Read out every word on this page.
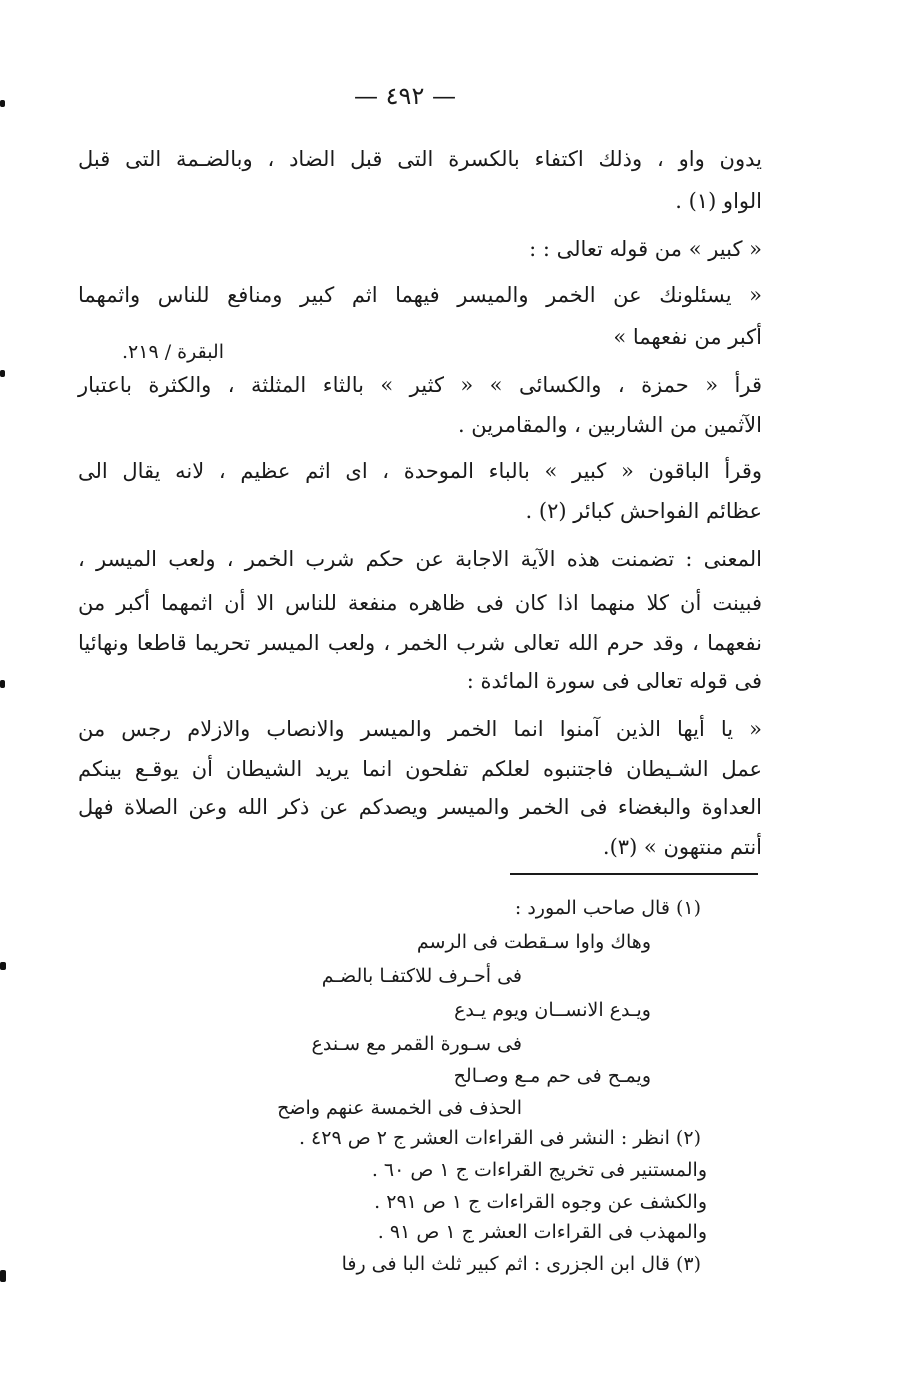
— ٤٩٢ —
يدون واو ، وذلك اكتفاء بالكسرة التى قبل الضاد ، وبالضـمة التى قبل
الواو (١) .
« كبير » من قوله تعالى : :
« يسئلونك عن الخمر والميسر فيهما اثم كبير ومنافع للناس واثمهما
أكبر من نفعهما »
البقرة / ٢١٩.
قرأ « حمزة ، والكسائى » « كثير » بالثاء المثلثة ، والكثرة باعتبار
الآثمين من الشاربين ، والمقامرين .
وقرأ الباقون « كبير » بالباء الموحدة ، اى اثم عظيم ، لانه يقال الى
عظائم الفواحش كبائر (٢) .
المعنى : تضمنت هذه الآية الاجابة عن حكم شرب الخمر ، ولعب الميسر ،
فبينت أن كلا منهما اذا كان فى ظاهره منفعة للناس الا أن اثمهما أكبر من
نفعهما ، وقد حرم الله تعالى شرب الخمر ، ولعب الميسر تحريما قاطعا ونهائيا
فى قوله تعالى فى سورة المائدة :
« يا أيها الذين آمنوا انما الخمر والميسر والانصاب والازلام رجس من
عمل الشـيطان فاجتنبوه لعلكم تفلحون انما يريد الشيطان أن يوقـع بينكم
العداوة والبغضاء فى الخمر والميسر ويصدكم عن ذكر الله وعن الصلاة فهل
أنتم منتهون » (٣).
(١) قال صاحب المورد :
وهاك واوا سـقطت فى الرسم
فى أحـرف للاكتفـا بالضـم
ويـدع الانســان ويوم يـدع
فى سـورة القمر مع سـندع
ويمـح فى حم مـع وصـالح
الحذف فى الخمسة عنهم واضح
(٢) انظر : النشر فى القراءات العشر ج ٢ ص ٤٢٩ .
والمستنير فى تخريج القراءات ج ١ ص ٦٠ .
والكشف عن وجوه القراءات ج ١ ص ٢٩١ .
والمهذب فى القراءات العشر ج ١ ص ٩١ .
(٣) قال ابن الجزرى : اثم كبير ثلث البا فى رفا
